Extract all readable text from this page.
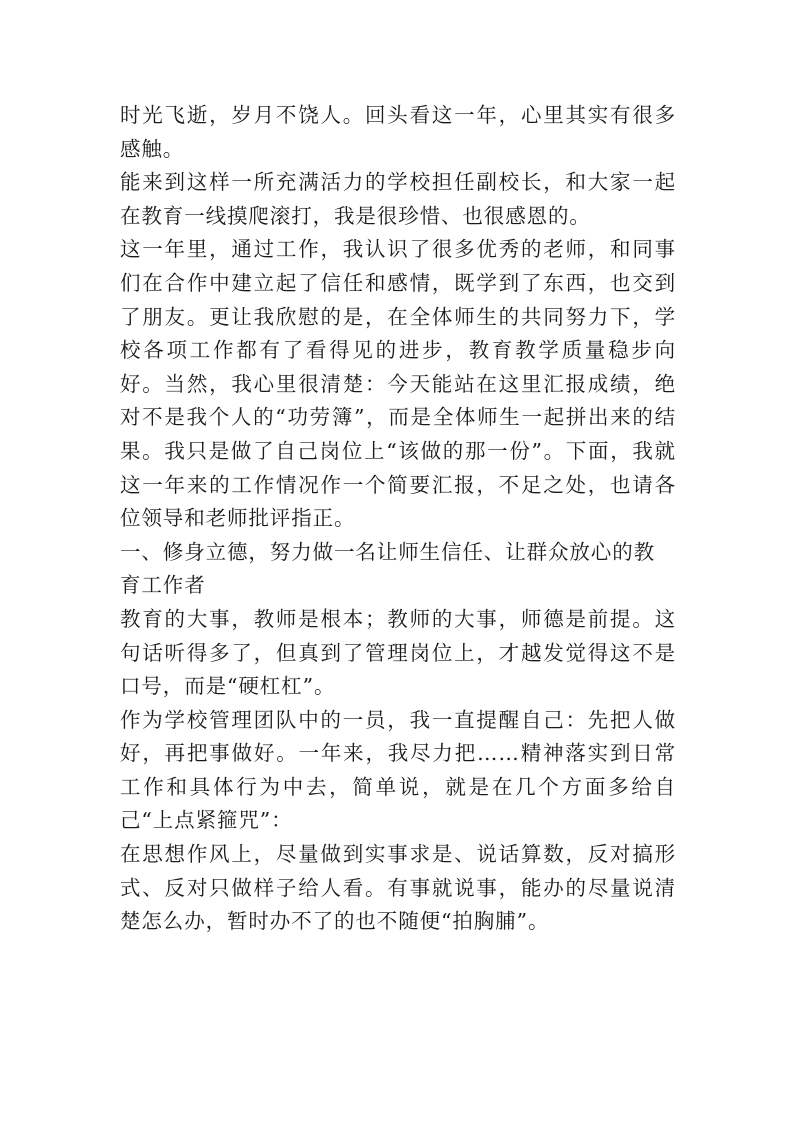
时光飞逝，岁月不饶人。回头看这一年，心里其实有很多感触。

能来到这样一所充满活力的学校担任副校长，和大家一起在教育一线摸爬滚打，我是很珍惜、也很感恩的。

这一年里，通过工作，我认识了很多优秀的老师，和同事们在合作中建立起了信任和感情，既学到了东西，也交到了朋友。更让我欣慰的是，在全体师生的共同努力下，学校各项工作都有了看得见的进步，教育教学质量稳步向好。当然，我心里很清楚：今天能站在这里汇报成绩，绝对不是我个人的“功劳簿”，而是全体师生一起拼出来的结果。我只是做了自己岗位上“该做的那一份”。下面，我就这一年来的工作情况作一个简要汇报，不足之处，也请各位领导和老师批评指正。

一、修身立德，努力做一名让师生信任、让群众放心的教育工作者

教育的大事，教师是根本；教师的大事，师德是前提。这句话听得多了，但真到了管理岗位上，才越发觉得这不是口号，而是“硬杠杠”。

作为学校管理团队中的一员，我一直提醒自己：先把人做好，再把事做好。一年来，我尽力把……精神落实到日常工作和具体行为中去，简单说，就是在几个方面多给自己“上点紧箍咒”：

在思想作风上，尽量做到实事求是、说话算数，反对搞形式、反对只做样子给人看。有事就说事，能办的尽量说清楚怎么办，暂时办不了的也不随便“拍胸脯”。
